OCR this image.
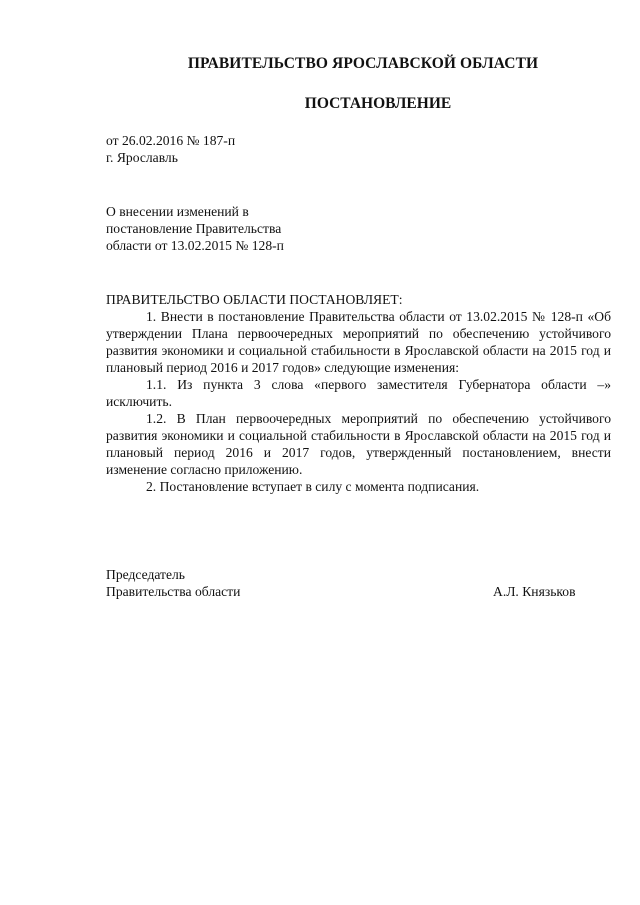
ПРАВИТЕЛЬСТВО ЯРОСЛАВСКОЙ ОБЛАСТИ
ПОСТАНОВЛЕНИЕ
от 26.02.2016 № 187-п
г. Ярославль
О внесении изменений в
постановление Правительства
области от 13.02.2015 № 128-п
ПРАВИТЕЛЬСТВО ОБЛАСТИ ПОСТАНОВЛЯЕТ:

1. Внести в постановление Правительства области от 13.02.2015 № 128-п «Об утверждении Плана первоочередных мероприятий по обеспечению устойчивого развития экономики и социальной стабильности в Ярославской области на 2015 год и плановый период 2016 и 2017 годов» следующие изменения:

1.1. Из пункта 3 слова «первого заместителя Губернатора области –» исключить.

1.2. В План первоочередных мероприятий по обеспечению устойчивого развития экономики и социальной стабильности в Ярославской области на 2015 год и плановый период 2016 и 2017 годов, утвержденный постановлением, внести изменение согласно приложению.

2. Постановление вступает в силу с момента подписания.

Председатель
Правительства области	А.Л. Князьков
